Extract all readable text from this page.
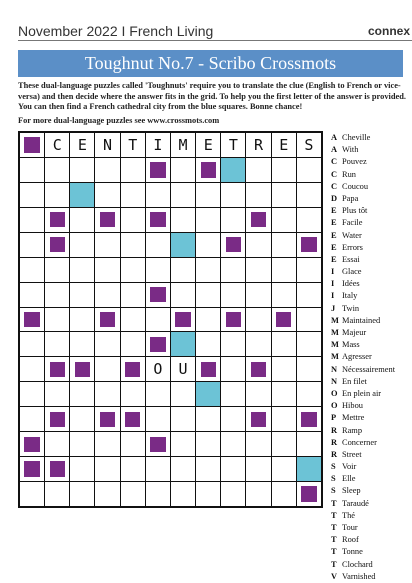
November 2022 I French Living	connex
Toughnut No.7 - Scribo Crossmots
These dual-language puzzles called 'Toughnuts' require you to translate the clue (English to French or vice-versa) and then decide where the answer fits in the grid. To help you the first letter of the answer is provided. You can then find a French cathedral city from the blue squares. Bonne chance!
For more dual-language puzzles see www.crossmots.com
C	E	N	T	I	M	E	T	R	E	S
O	U
A Cheville
A With
C Pouvez
C Run
C Coucou
D Papa
E Plus tôt
E Facile
E Water
E Errors
E Essai
I Glace
I Idées
I Italy
J Twin
M Maintained
M Majeur
M Mass
M Agresser
N Nécessairement
N En filet
O En plein air
O Hibou
P Mettre
R Ramp
R Concerner
R Street
S Voir
S Elle
S Sleep
T Taraudé
T Thé
T Tour
T Roof
T Tonne
T Clochard
V Varnished
